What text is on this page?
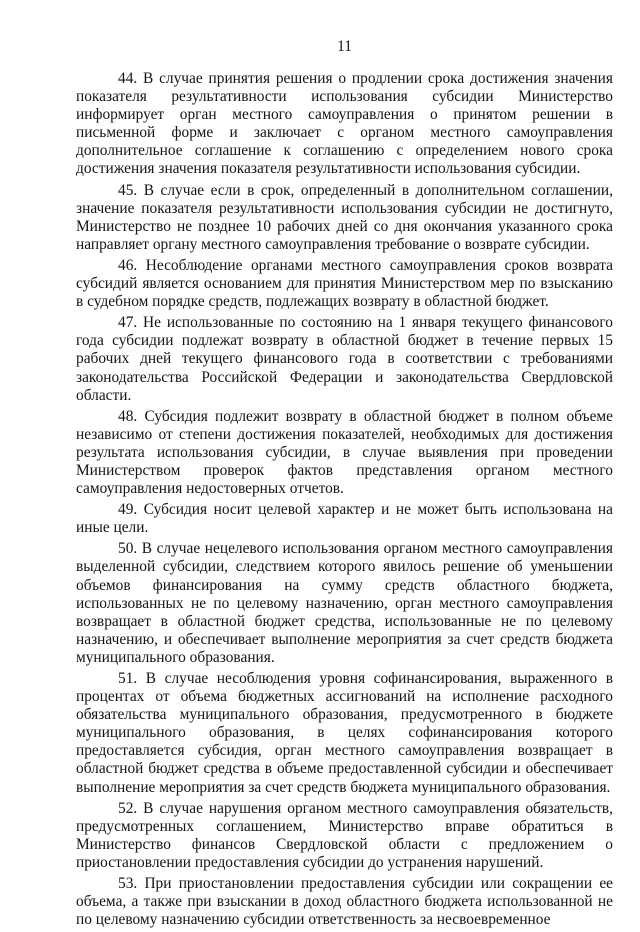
11

44. В случае принятия решения о продлении срока достижения значения показателя результативности использования субсидии Министерство информирует орган местного самоуправления о принятом решении в письменной форме и заключает с органом местного самоуправления дополнительное соглашение к соглашению с определением нового срока достижения значения показателя результативности использования субсидии.

45. В случае если в срок, определенный в дополнительном соглашении, значение показателя результативности использования субсидии не достигнуто, Министерство не позднее 10 рабочих дней со дня окончания указанного срока направляет органу местного самоуправления требование о возврате субсидии.

46. Несоблюдение органами местного самоуправления сроков возврата субсидий является основанием для принятия Министерством мер по взысканию в судебном порядке средств, подлежащих возврату в областной бюджет.

47. Не использованные по состоянию на 1 января текущего финансового года субсидии подлежат возврату в областной бюджет в течение первых 15 рабочих дней текущего финансового года в соответствии с требованиями законодательства Российской Федерации и законодательства Свердловской области.

48. Субсидия подлежит возврату в областной бюджет в полном объеме независимо от степени достижения показателей, необходимых для достижения результата использования субсидии, в случае выявления при проведении Министерством проверок фактов представления органом местного самоуправления недостоверных отчетов.

49. Субсидия носит целевой характер и не может быть использована на иные цели.

50. В случае нецелевого использования органом местного самоуправления выделенной субсидии, следствием которого явилось решение об уменьшении объемов финансирования на сумму средств областного бюджета, использованных не по целевому назначению, орган местного самоуправления возвращает в областной бюджет средства, использованные не по целевому назначению, и обеспечивает выполнение мероприятия за счет средств бюджета муниципального образования.

51. В случае несоблюдения уровня софинансирования, выраженного в процентах от объема бюджетных ассигнований на исполнение расходного обязательства муниципального образования, предусмотренного в бюджете муниципального образования, в целях софинансирования которого предоставляется субсидия, орган местного самоуправления возвращает в областной бюджет средства в объеме предоставленной субсидии и обеспечивает выполнение мероприятия за счет средств бюджета муниципального образования.

52. В случае нарушения органом местного самоуправления обязательств, предусмотренных соглашением, Министерство вправе обратиться в Министерство финансов Свердловской области с предложением о приостановлении предоставления субсидии до устранения нарушений.

53. При приостановлении предоставления субсидии или сокращении ее объема, а также при взыскании в доход областного бюджета использованной не по целевому назначению субсидии ответственность за несвоевременное
